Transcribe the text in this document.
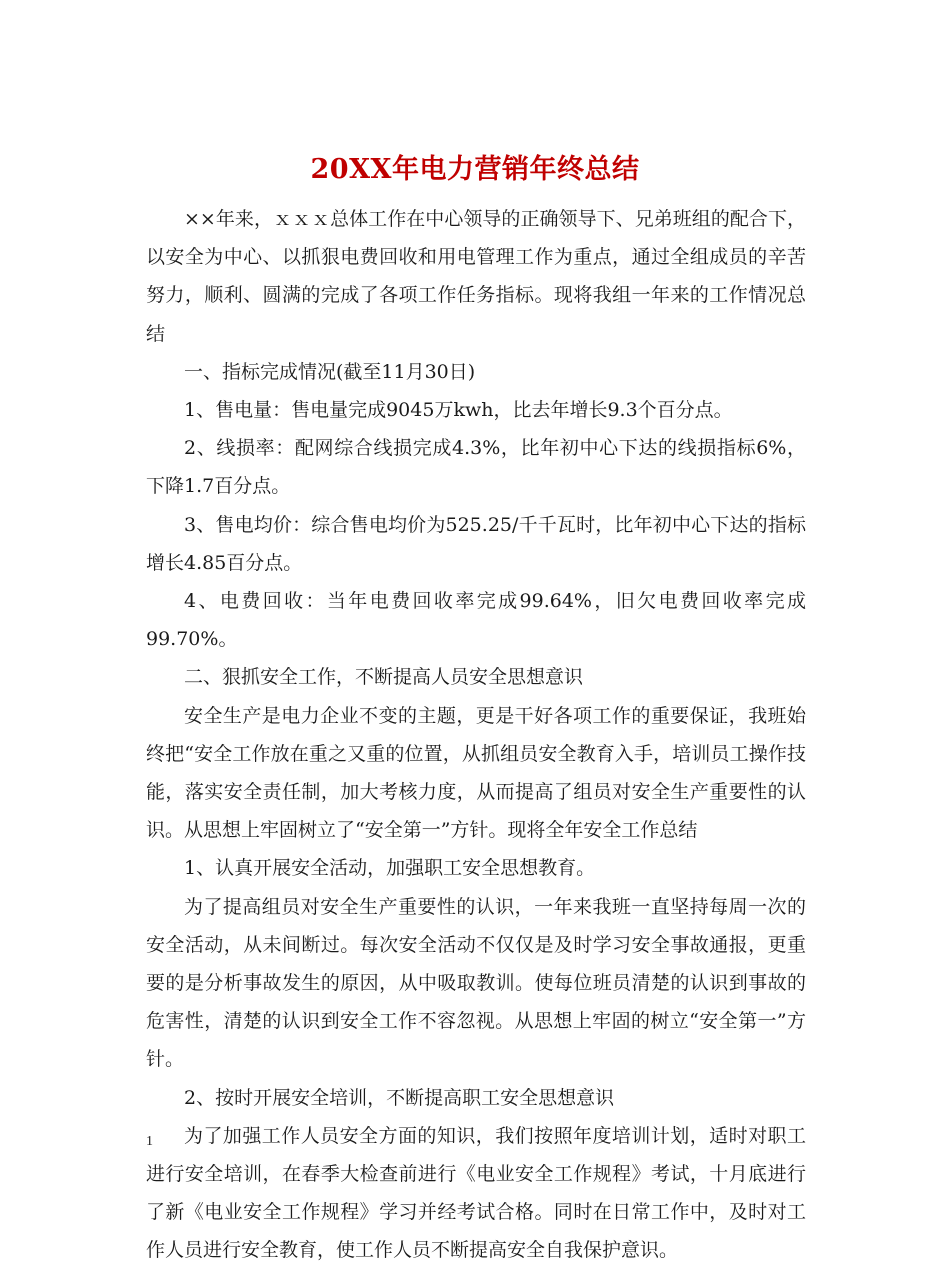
20XX年电力营销年终总结

××年来，ｘｘｘ总体工作在中心领导的正确领导下、兄弟班组的配合下，以安全为中心、以抓狠电费回收和用电管理工作为重点，通过全组成员的辛苦努力，顺利、圆满的完成了各项工作任务指标。现将我组一年来的工作情况总结

一、指标完成情况(截至11月30日)

1、售电量：售电量完成9045万kwh，比去年增长9.3个百分点。

2、线损率：配网综合线损完成4.3%，比年初中心下达的线损指标6%，下降1.7百分点。

3、售电均价：综合售电均价为525.25/千千瓦时，比年初中心下达的指标增长4.85百分点。

4、电费回收：当年电费回收率完成99.64%，旧欠电费回收率完成99.70%。

二、狠抓安全工作，不断提高人员安全思想意识

安全生产是电力企业不变的主题，更是干好各项工作的重要保证，我班始终把“安全工作放在重之又重的位置，从抓组员安全教育入手，培训员工操作技能，落实安全责任制，加大考核力度，从而提高了组员对安全生产重要性的认识。从思想上牢固树立了“安全第一”方针。现将全年安全工作总结

1、认真开展安全活动，加强职工安全思想教育。

为了提高组员对安全生产重要性的认识，一年来我班一直坚持每周一次的安全活动，从未间断过。每次安全活动不仅仅是及时学习安全事故通报，更重要的是分析事故发生的原因，从中吸取教训。使每位班员清楚的认识到事故的危害性，清楚的认识到安全工作不容忽视。从思想上牢固的树立“安全第一”方针。

2、按时开展安全培训，不断提高职工安全思想意识

为了加强工作人员安全方面的知识，我们按照年度培训计划，适时对职工进行安全培训，在春季大检查前进行《电业安全工作规程》考试，十月底进行了新《电业安全工作规程》学习并经考试合格。同时在日常工作中，及时对工作人员进行安全教育，使工作人员不断提高安全自我保护意识。

1
